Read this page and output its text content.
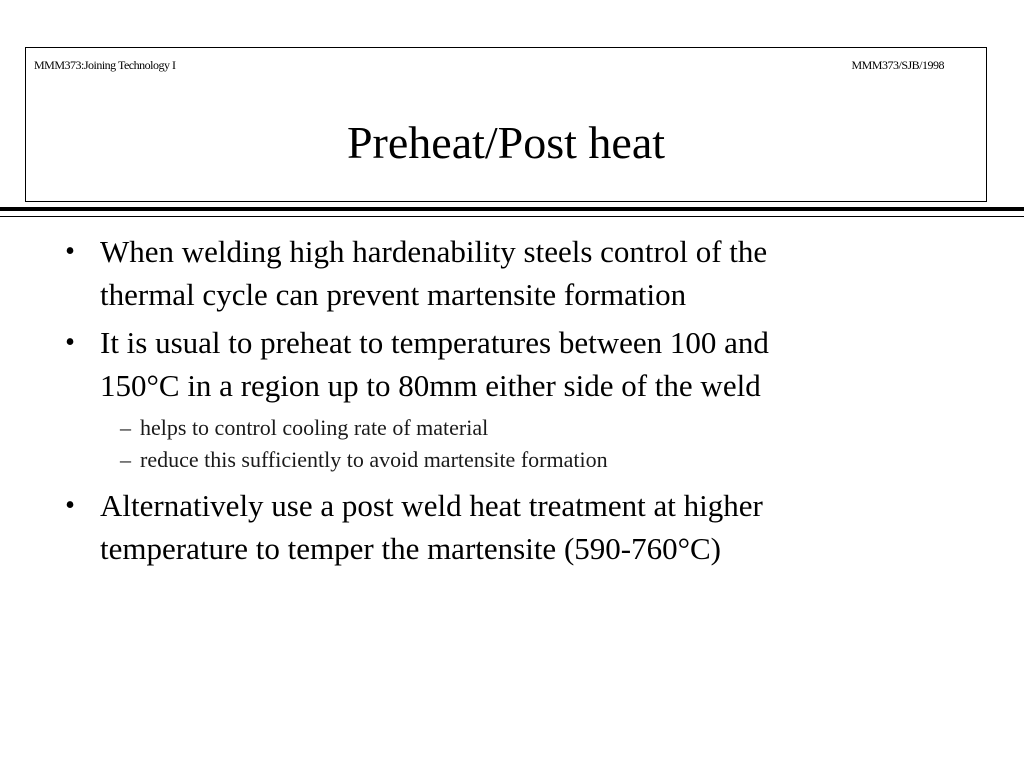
MMM373:Joining Technology I	MMM373/SJB/1998
Preheat/Post heat
• When welding high hardenability steels control of the
thermal cycle can prevent martensite formation
• It is usual to preheat to temperatures between 100 and
150°C in a region up to 80mm either side of the weld
– helps to control cooling rate of material
– reduce this sufficiently to avoid martensite formation
• Alternatively use a post weld heat treatment at higher
temperature to temper the martensite (590-760°C)
